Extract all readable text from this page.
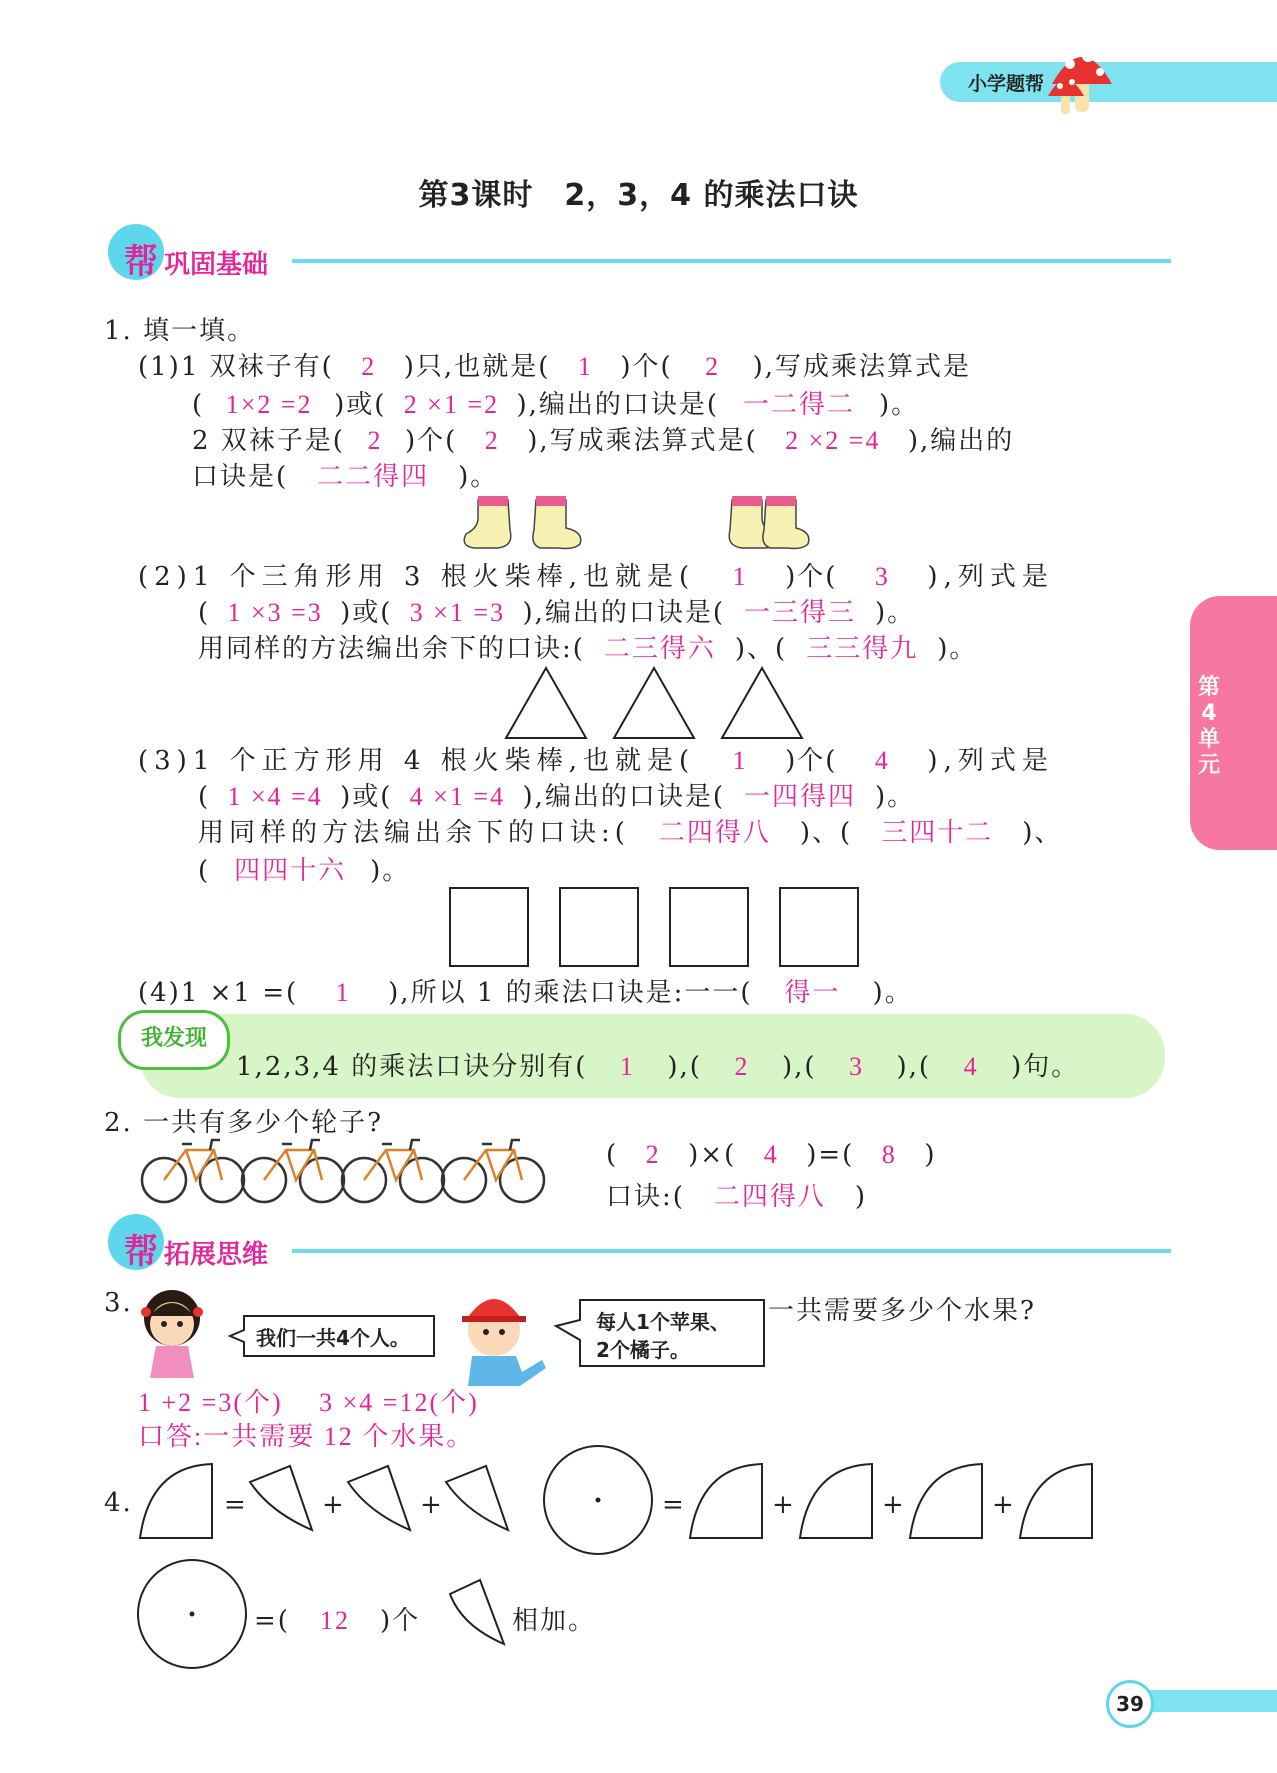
小学题帮
第3课时　2，3，4 的乘法口诀
帮 巩固基础
第4单元
1. 填一填。
(1)1 双袜子有( 2 )只,也就是( 1 )个( 2 ),写成乘法算式是
( 1×2 =2 )或( 2 ×1 =2 ),编出的口诀是( 一二得二 )。
2 双袜子是( 2 )个( 2 ),写成乘法算式是( 2 ×2 =4 ),编出的
口诀是( 二二得四 )。
(2)1 个三角形用 3 根火柴棒,也就是( 1 )个( 3 ),列式是
( 1 ×3 =3 )或( 3 ×1 =3 ),编出的口诀是( 一三得三 )。
用同样的方法编出余下的口诀:( 二三得六 )、( 三三得九 )。
(3)1 个正方形用 4 根火柴棒,也就是( 1 )个( 4 ),列式是
( 1 ×4 =4 )或( 4 ×1 =4 ),编出的口诀是( 一四得四 )。
用同样的方法编出余下的口诀:( 二四得八 )、( 三四十二 )、
( 四四十六 )。
(4)1 ×1 =( 1 ),所以 1 的乘法口诀是:一一( 得一 )。
我发现
1,2,3,4 的乘法口诀分别有( 1 ),( 2 ),( 3 ),( 4 )句。
2. 一共有多少个轮子?
( 2 )×( 4 )=( 8 )
口诀:( 二四得八 )
帮 拓展思维
3.
我们一共4个人。
每人1个苹果、
2个橘子。
一共需要多少个水果?
1 +2 =3(个)　 3 ×4 =12(个)
口答:一共需要 12 个水果。
4.	=	+	+	=	+	+	+
=( 12 )个	相加。
39
